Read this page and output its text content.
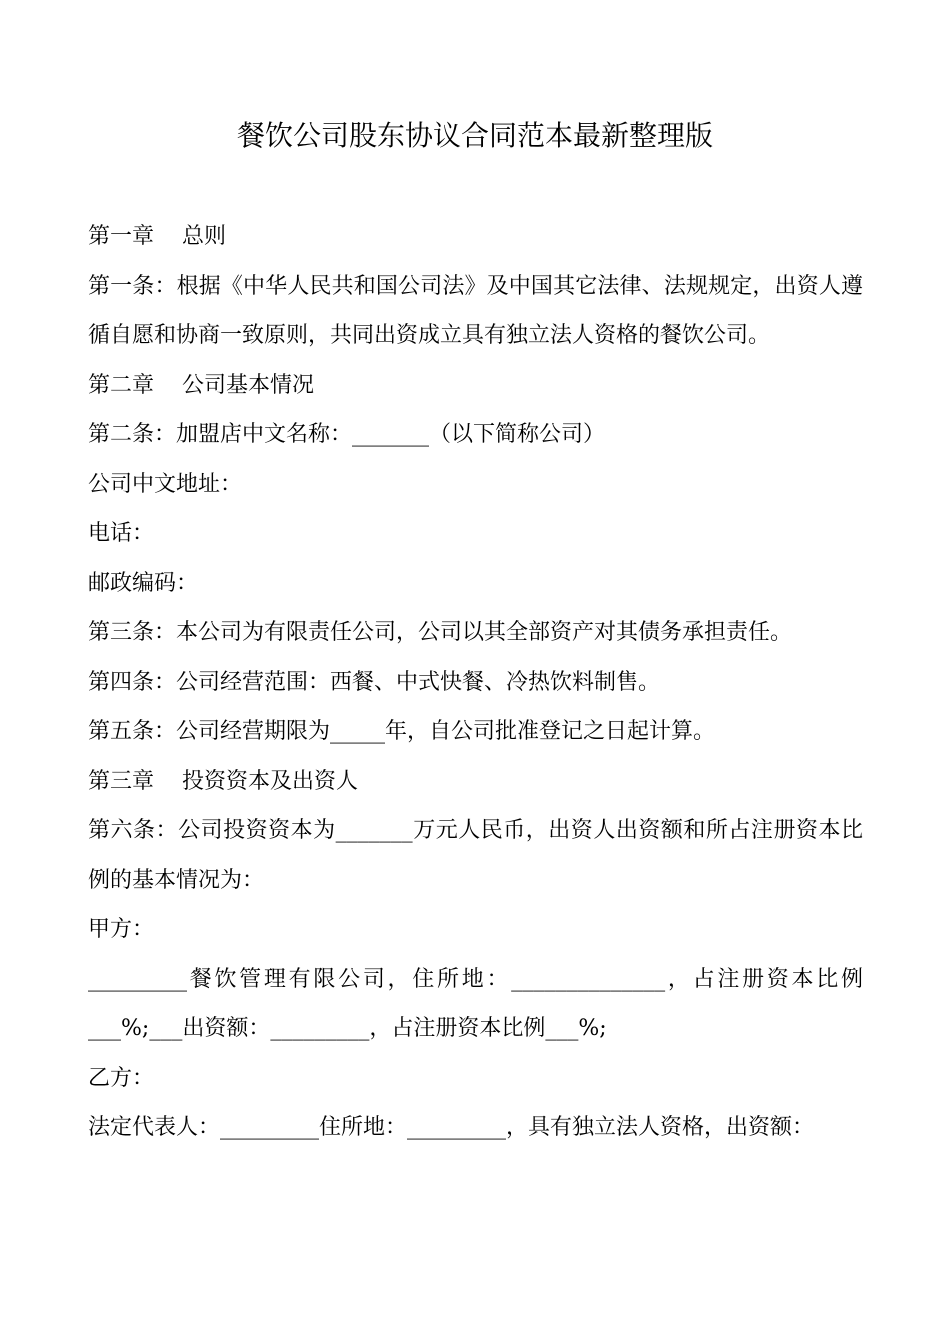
餐饮公司股东协议合同范本最新整理版
第一章 总则
第一条：根据《中华人民共和国公司法》及中国其它法律、法规规定，出资人遵循自愿和协商一致原则，共同出资成立具有独立法人资格的餐饮公司。
第二章 公司基本情况
第二条：加盟店中文名称：_______（以下简称公司）
公司中文地址：
电话：
邮政编码：
第三条：本公司为有限责任公司，公司以其全部资产对其债务承担责任。
第四条：公司经营范围：西餐、中式快餐、冷热饮料制售。
第五条：公司经营期限为_____年，自公司批准登记之日起计算。
第三章 投资资本及出资人
第六条：公司投资资本为_______万元人民币，出资人出资额和所占注册资本比例的基本情况为：
甲方：
_________餐饮管理有限公司，住所地：______________，占注册资本比例___%;___出资额：_________，占注册资本比例___%;
乙方：
法定代表人：_________住所地：_________，具有独立法人资格，出资额：
